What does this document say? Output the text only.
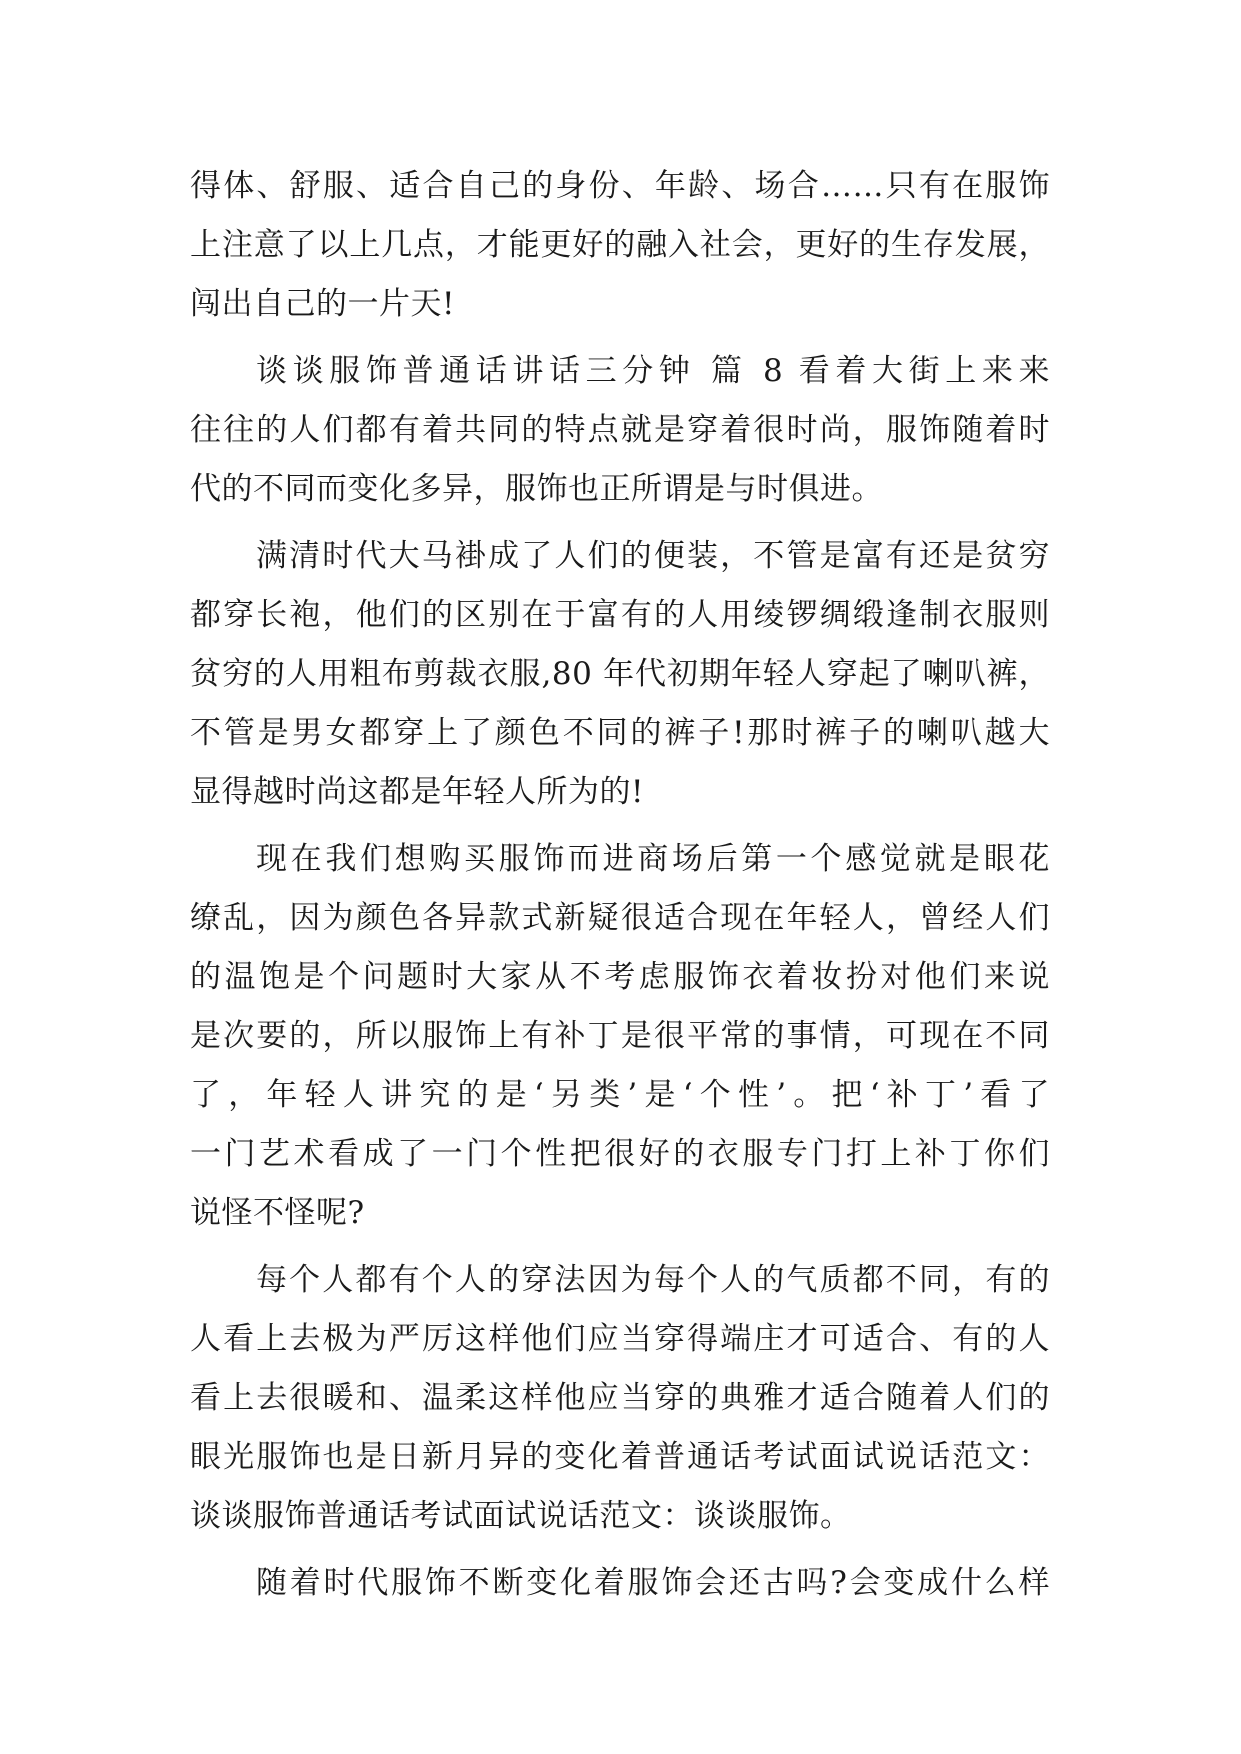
得体、舒服、适合自己的身份、年龄、场合……只有在服饰
上注意了以上几点，才能更好的融入社会，更好的生存发展，
闯出自己的一片天!
谈谈服饰普通话讲话三分钟 篇 8 看着大街上来来
往往的人们都有着共同的特点就是穿着很时尚，服饰随着时
代的不同而变化多异，服饰也正所谓是与时俱进。
满清时代大马褂成了人们的便装，不管是富有还是贫穷
都穿长袍，他们的区别在于富有的人用绫锣绸缎逢制衣服则
贫穷的人用粗布剪裁衣服,80 年代初期年轻人穿起了喇叭裤，
不管是男女都穿上了颜色不同的裤子!那时裤子的喇叭越大
显得越时尚这都是年轻人所为的!
现在我们想购买服饰而进商场后第一个感觉就是眼花
缭乱，因为颜色各异款式新疑很适合现在年轻人，曾经人们
的温饱是个问题时大家从不考虑服饰衣着妆扮对他们来说
是次要的，所以服饰上有补丁是很平常的事情，可现在不同
了，年轻人讲究的是‘另类’是‘个性’。把‘补丁’看了
一门艺术看成了一门个性把很好的衣服专门打上补丁你们
说怪不怪呢?
每个人都有个人的穿法因为每个人的气质都不同，有的
人看上去极为严厉这样他们应当穿得端庄才可适合、有的人
看上去很暖和、温柔这样他应当穿的典雅才适合随着人们的
眼光服饰也是日新月异的变化着普通话考试面试说话范文：
谈谈服饰普通话考试面试说话范文：谈谈服饰。
随着时代服饰不断变化着服饰会还古吗?会变成什么样
